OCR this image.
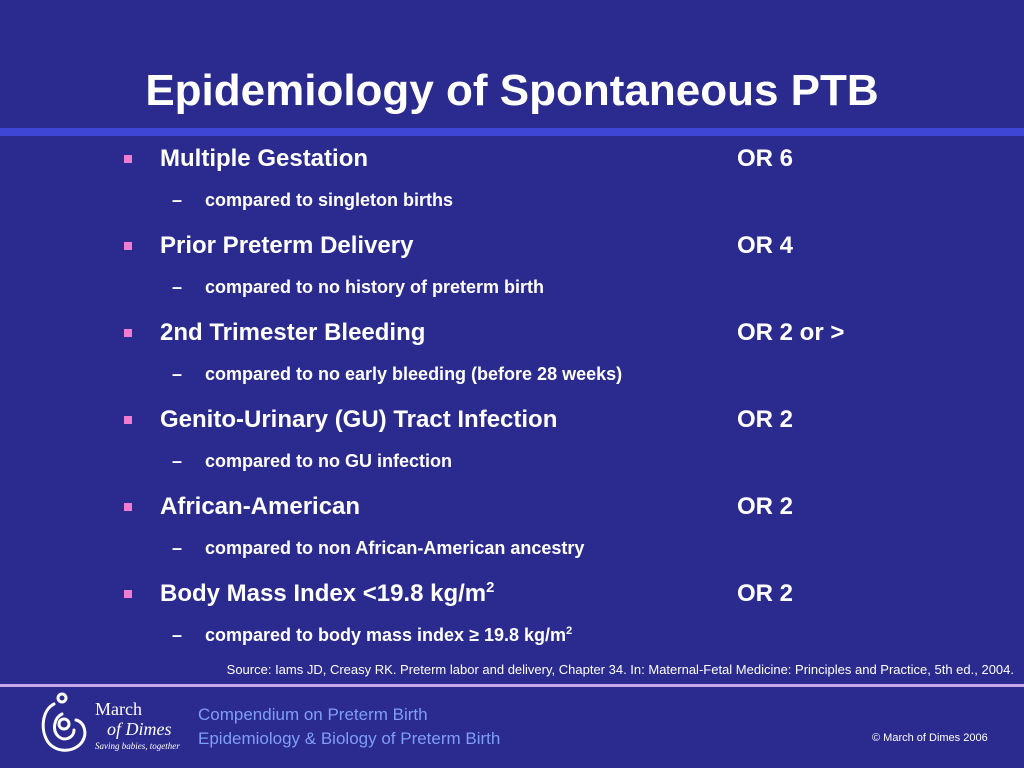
Epidemiology of Spontaneous PTB
Multiple Gestation	OR 6
– compared to singleton births
Prior Preterm Delivery	OR 4
– compared to no history of preterm birth
2nd Trimester Bleeding	OR 2 or >
– compared to no early bleeding (before 28 weeks)
Genito-Urinary (GU) Tract Infection	OR 2
– compared to no GU infection
African-American	OR 2
– compared to non African-American ancestry
Body Mass Index <19.8 $kg/m^2$	OR 2
– compared to body mass index ≥ 19.8 $kg/m^2$
Source: Iams JD, Creasy RK. Preterm labor and delivery, Chapter 34. In: Maternal-Fetal Medicine: Principles and Practice, 5th ed., 2004.
March
of Dimes
Saving babies, together
Compendium on Preterm Birth
Epidemiology & Biology of Preterm Birth	© March of Dimes 2006
